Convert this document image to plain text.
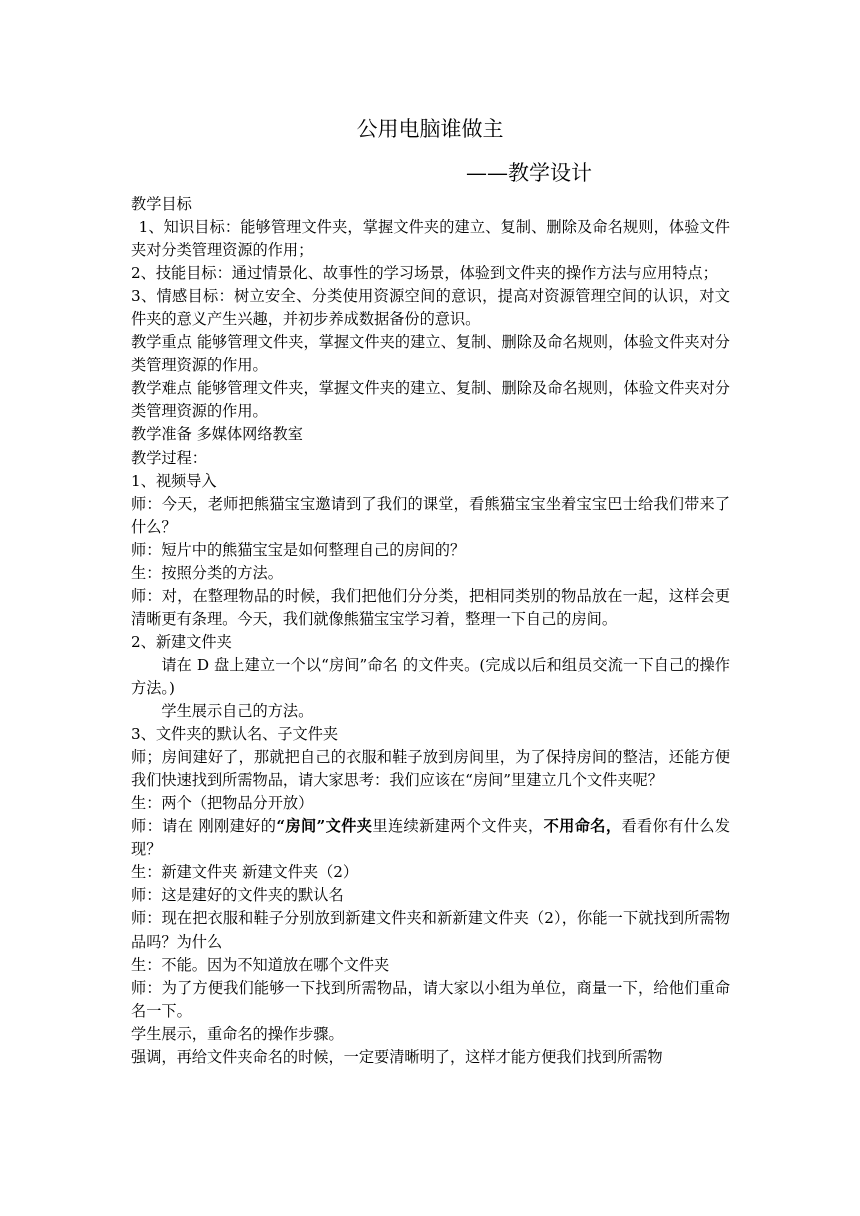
公用电脑谁做主
——教学设计

教学目标

1、知识目标：能够管理文件夹，掌握文件夹的建立、复制、删除及命名规则，体验文件夹对分类管理资源的作用；

2、技能目标：通过情景化、故事性的学习场景，体验到文件夹的操作方法与应用特点；

3、情感目标：树立安全、分类使用资源空间的意识，提高对资源管理空间的认识，对文件夹的意义产生兴趣，并初步养成数据备份的意识。

教学重点 能够管理文件夹，掌握文件夹的建立、复制、删除及命名规则，体验文件夹对分类管理资源的作用。

教学难点 能够管理文件夹，掌握文件夹的建立、复制、删除及命名规则，体验文件夹对分类管理资源的作用。

教学准备 多媒体网络教室

教学过程：

1、视频导入

师：今天，老师把熊猫宝宝邀请到了我们的课堂，看熊猫宝宝坐着宝宝巴士给我们带来了什么？

师：短片中的熊猫宝宝是如何整理自己的房间的？

生：按照分类的方法。

师：对，在整理物品的时候，我们把他们分分类，把相同类别的物品放在一起，这样会更清晰更有条理。今天，我们就像熊猫宝宝学习着，整理一下自己的房间。

2、新建文件夹

请在 D 盘上建立一个以“房间”命名 的文件夹。(完成以后和组员交流一下自己的操作方法。)

学生展示自己的方法。

3、文件夹的默认名、子文件夹

师；房间建好了，那就把自己的衣服和鞋子放到房间里，为了保持房间的整洁，还能方便我们快速找到所需物品，请大家思考：我们应该在“房间”里建立几个文件夹呢？

生：两个（把物品分开放）

师：请在 刚刚建好的“房间”文件夹里连续新建两个文件夹，不用命名，看看你有什么发现？

生：新建文件夹 新建文件夹（2）

师：这是建好的文件夹的默认名

师：现在把衣服和鞋子分别放到新建文件夹和新新建文件夹（2），你能一下就找到所需物品吗？为什么

生：不能。因为不知道放在哪个文件夹

师：为了方便我们能够一下找到所需物品，请大家以小组为单位，商量一下，给他们重命名一下。

学生展示，重命名的操作步骤。

强调，再给文件夹命名的时候，一定要清晰明了，这样才能方便我们找到所需物
